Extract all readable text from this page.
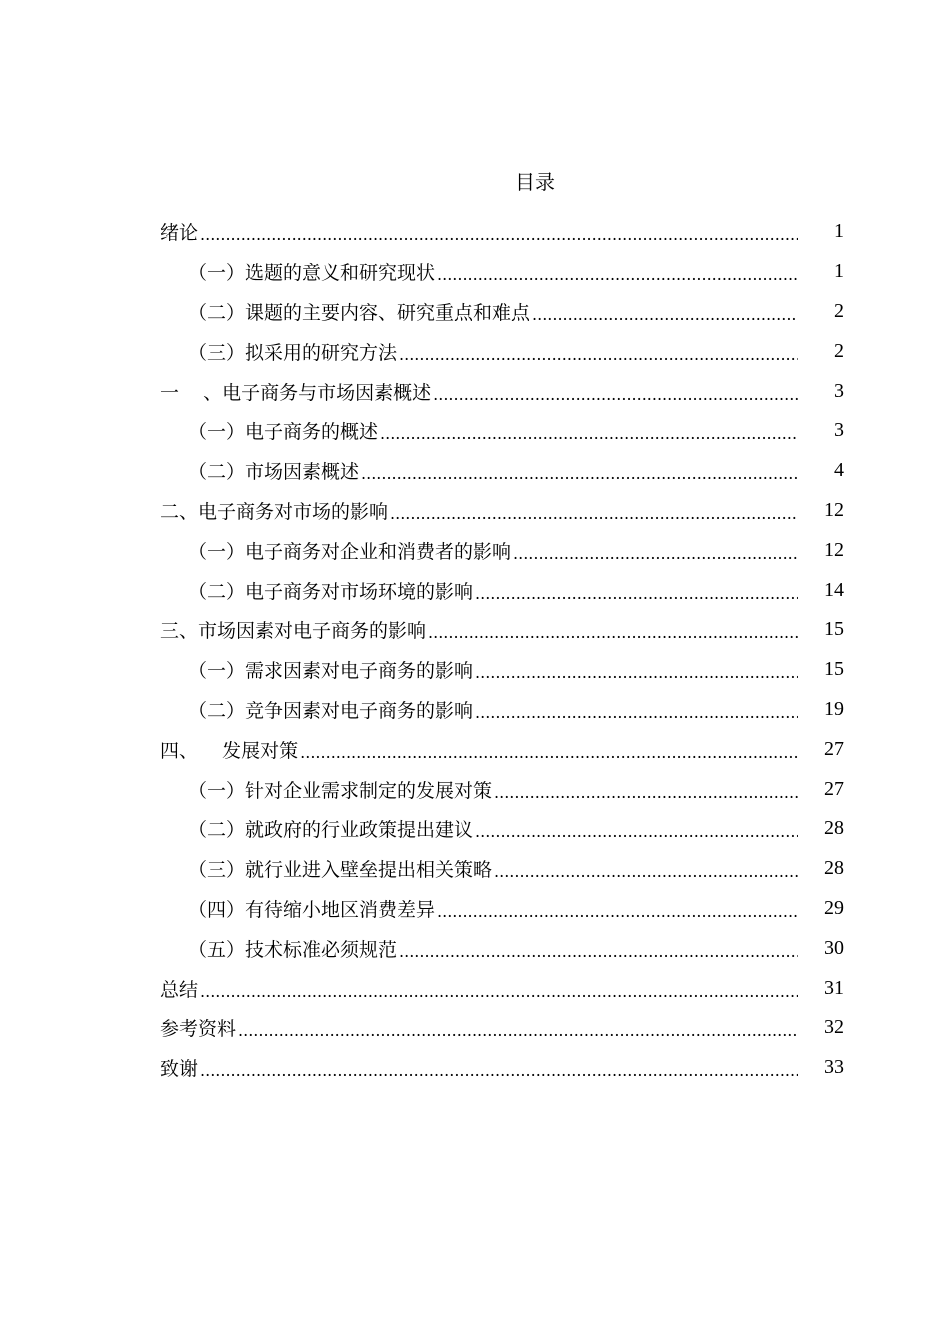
目录
绪论 .....	1
（一）选题的意义和研究现状 .....	1
（二）课题的主要内容、研究重点和难点 .....	2
（三）拟采用的研究方法 .....	2
一    、电子商务与市场因素概述 .....	3
（一）电子商务的概述 .....	3
（二）市场因素概述 .....	4
二、电子商务对市场的影响 .....	12
（一）电子商务对企业和消费者的影响 .....	12
（二）电子商务对市场环境的影响 .....	14
三、市场因素对电子商务的影响 .....	15
（一）需求因素对电子商务的影响 .....	15
（二）竞争因素对电子商务的影响 .....	19
四、    发展对策 .....	27
（一）针对企业需求制定的发展对策 .....	27
（二）就政府的行业政策提出建议 .....	28
（三）就行业进入壁垒提出相关策略 .....	28
（四）有待缩小地区消费差异 .....	29
（五）技术标准必须规范 .....	30
总结 .....	31
参考资料 .....	32
致谢 .....	33
